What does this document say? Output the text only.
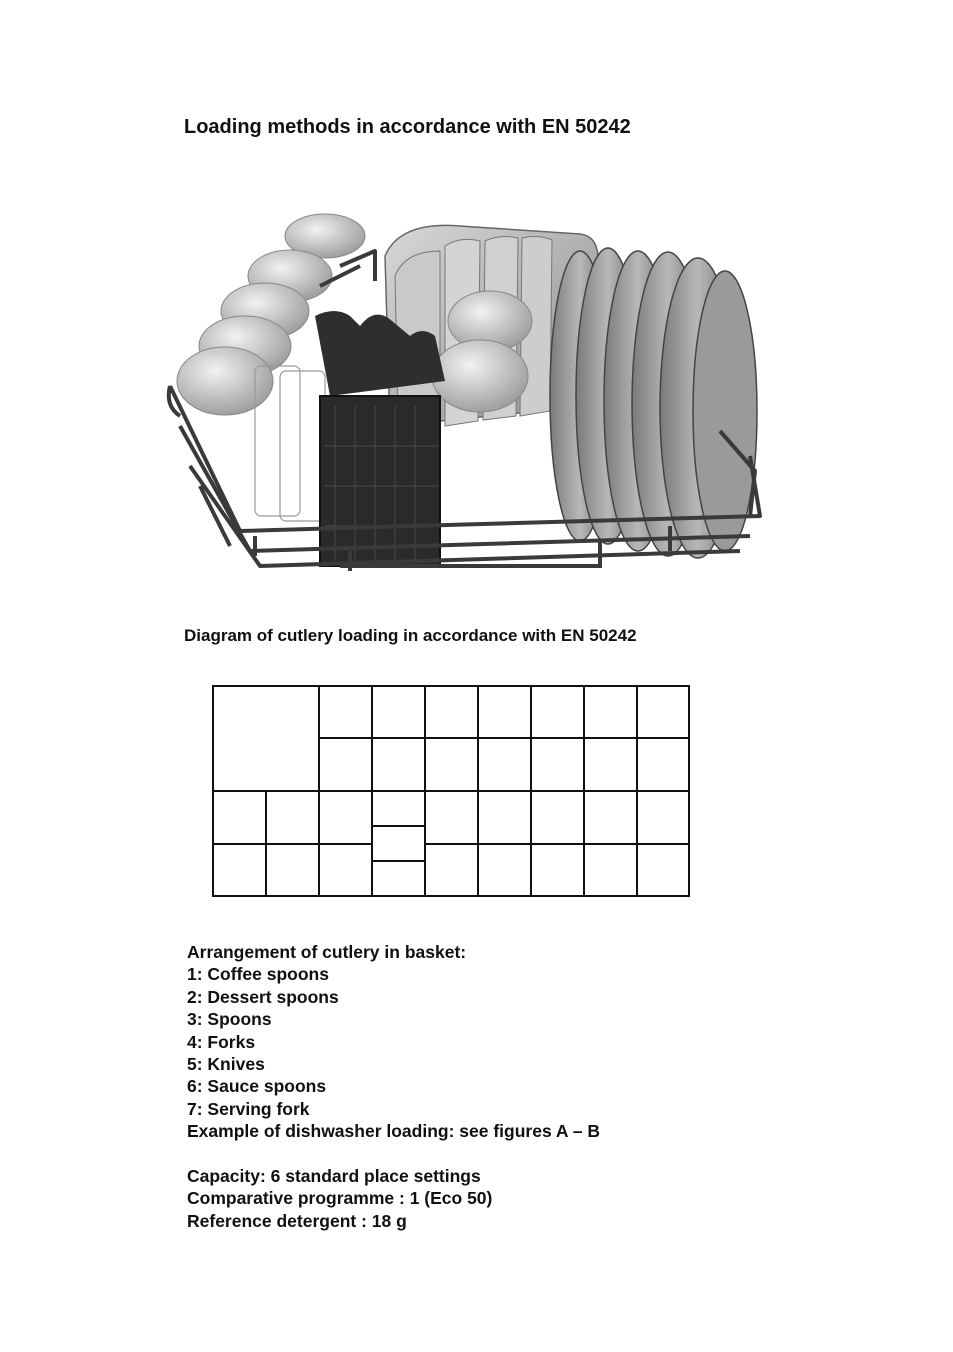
Loading methods in accordance with EN 50242
Diagram of cutlery loading in accordance with EN 50242
Arrangement of cutlery in basket:
1: Coffee spoons
2: Dessert spoons
3: Spoons
4: Forks
5: Knives
6: Sauce spoons
7: Serving fork
Example of dishwasher loading: see figures A – B
Capacity: 6 standard place settings
Comparative programme : 1 (Eco 50)
Reference detergent : 18 g
